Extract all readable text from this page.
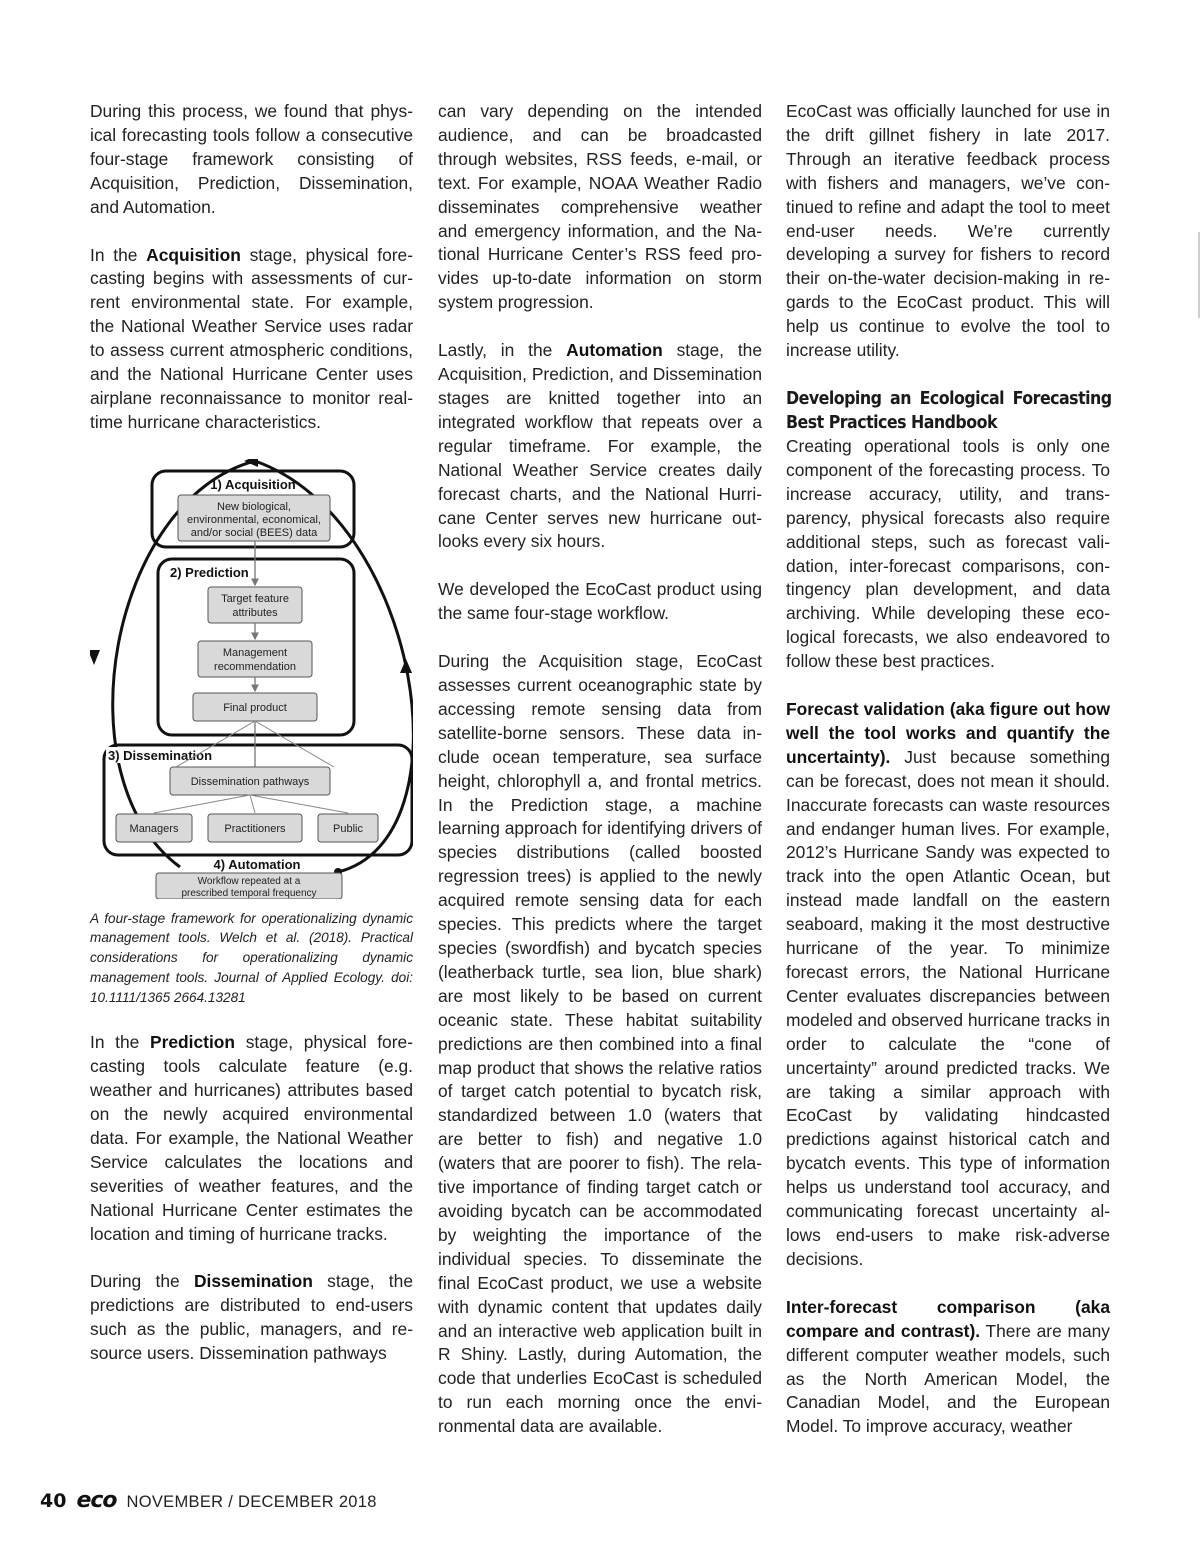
During this process, we found that physical forecasting tools follow a consecutive four-stage framework consisting of Acquisition, Prediction, Dissemination, and Automation.

In the Acquisition stage, physical forecasting begins with assessments of current environmental state. For example, the National Weather Service uses radar to assess current atmospheric conditions, and the National Hurricane Center uses airplane reconnaissance to monitor real-time hurricane characteristics.

1) Acquisition
New biological,
environmental, economical,
and/or social (BEES) data
2) Prediction
Target feature
attributes
Management
recommendation
Final product
3) Dissemination
Dissemination pathways
Managers	Practitioners	Public
4) Automation
Workflow repeated at a
prescribed temporal frequency

A four-stage framework for operationalizing dynamic management tools. Welch et al. (2018). Practical considerations for operationalizing dynamic management tools. Journal of Applied Ecology. doi: 10.1111/1365 2664.13281

In the Prediction stage, physical forecasting tools calculate feature (e.g. weather and hurricanes) attributes based on the newly acquired environmental data. For example, the National Weather Service calculates the locations and severities of weather features, and the National Hurricane Center estimates the location and timing of hurricane tracks.

During the Dissemination stage, the predictions are distributed to end-users such as the public, managers, and resource users. Dissemination pathways

can vary depending on the intended audience, and can be broadcasted through websites, RSS feeds, e-mail, or text. For example, NOAA Weather Radio disseminates comprehensive weather and emergency information, and the National Hurricane Center’s RSS feed provides up-to-date information on storm system progression.

Lastly, in the Automation stage, the Acquisition, Prediction, and Dissemination stages are knitted together into an integrated workflow that repeats over a regular timeframe. For example, the National Weather Service creates daily forecast charts, and the National Hurricane Center serves new hurricane outlooks every six hours.

We developed the EcoCast product using the same four-stage workflow.

During the Acquisition stage, EcoCast assesses current oceanographic state by accessing remote sensing data from satellite-borne sensors. These data include ocean temperature, sea surface height, chlorophyll a, and frontal metrics. In the Prediction stage, a machine learning approach for identifying drivers of species distributions (called boosted regression trees) is applied to the newly acquired remote sensing data for each species. This predicts where the target species (swordfish) and bycatch species (leatherback turtle, sea lion, blue shark) are most likely to be based on current oceanic state. These habitat suitability predictions are then combined into a final map product that shows the relative ratios of target catch potential to bycatch risk, standardized between 1.0 (waters that are better to fish) and negative 1.0 (waters that are poorer to fish). The relative importance of finding target catch or avoiding bycatch can be accommodated by weighting the importance of the individual species. To disseminate the final EcoCast product, we use a website with dynamic content that updates daily and an interactive web application built in R Shiny. Lastly, during Automation, the code that underlies EcoCast is scheduled to run each morning once the environmental data are available.

EcoCast was officially launched for use in the drift gillnet fishery in late 2017. Through an iterative feedback process with fishers and managers, we’ve continued to refine and adapt the tool to meet end-user needs. We’re currently developing a survey for fishers to record their on-the-water decision-making in regards to the EcoCast product. This will help us continue to evolve the tool to increase utility.

Developing an Ecological Forecasting Best Practices Handbook

Creating operational tools is only one component of the forecasting process. To increase accuracy, utility, and transparency, physical forecasts also require additional steps, such as forecast validation, inter-forecast comparisons, contingency plan development, and data archiving. While developing these ecological forecasts, we also endeavored to follow these best practices.

Forecast validation (aka figure out how well the tool works and quantify the uncertainty). Just because something can be forecast, does not mean it should. Inaccurate forecasts can waste resources and endanger human lives. For example, 2012’s Hurricane Sandy was expected to track into the open Atlantic Ocean, but instead made landfall on the eastern seaboard, making it the most destructive hurricane of the year. To minimize forecast errors, the National Hurricane Center evaluates discrepancies between modeled and observed hurricane tracks in order to calculate the “cone of uncertainty” around predicted tracks. We are taking a similar approach with EcoCast by validating hindcasted predictions against historical catch and bycatch events. This type of information helps us understand tool accuracy, and communicating forecast uncertainty allows end-users to make risk-adverse decisions.

Inter-forecast comparison (aka compare and contrast). There are many different computer weather models, such as the North American Model, the Canadian Model, and the European Model. To improve accuracy, weather

40 eco NOVEMBER / DECEMBER 2018
